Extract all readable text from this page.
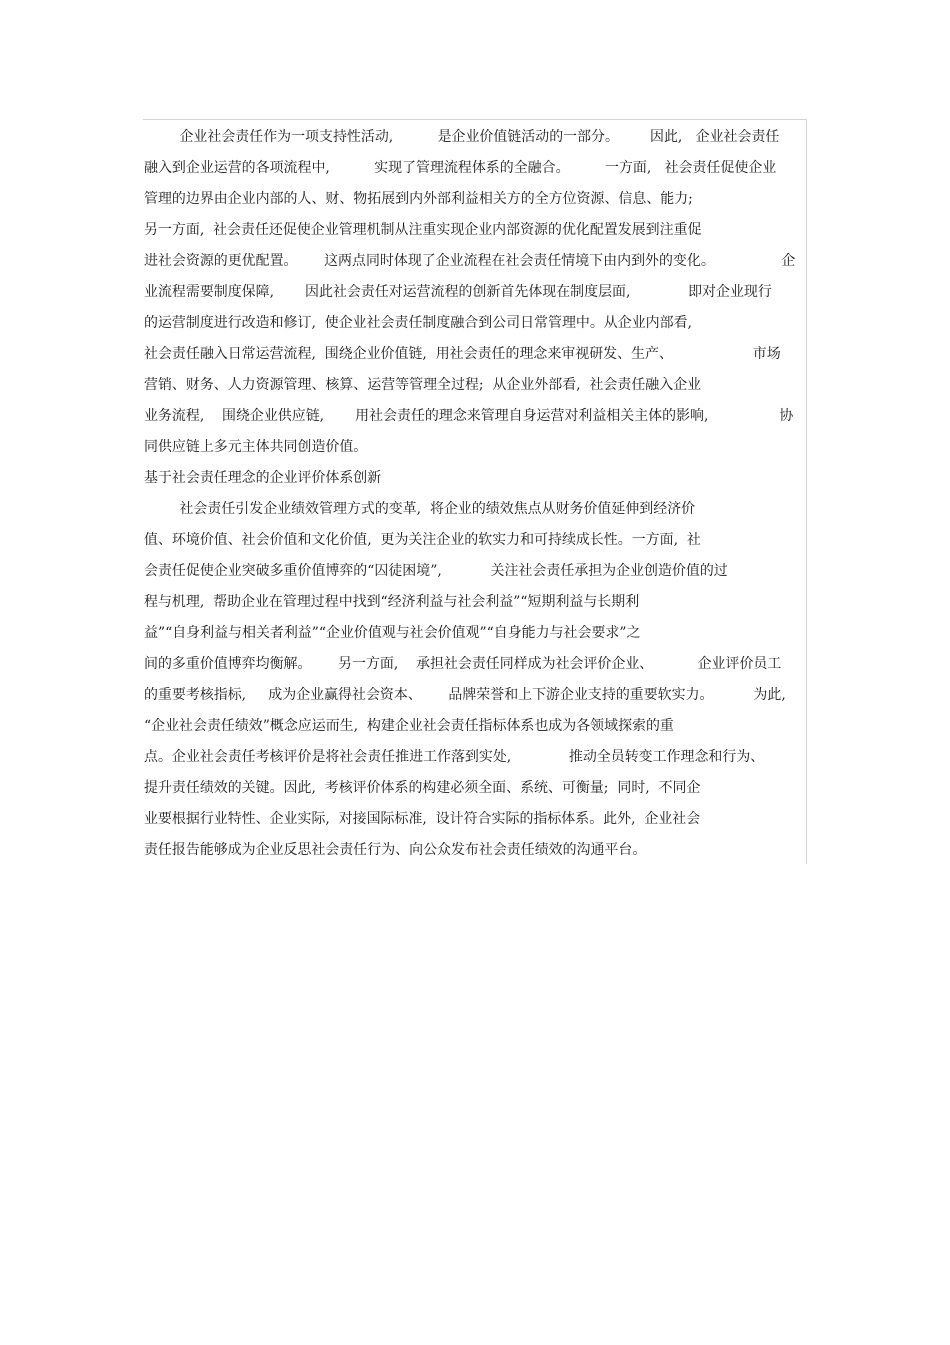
企业社会责任作为一项支持性活动,          是企业价值链活动的一部分。       因此,   企业社会责任
融入到企业运营的各项流程中,          实现了管理流程体系的全融合。        一方面,   社会责任促使企业
管理的边界由企业内部的人、财、物拓展到内外部利益相关方的全方位资源、信息、能力;
另一方面,  社会责任还促使企业管理机制从注重实现企业内部资源的优化配置发展到注重促
进社会资源的更优配置。      这两点同时体现了企业流程在社会责任情境下由内到外的变化。               企
业流程需要制度保障,       因此社会责任对运营流程的创新首先体现在制度层面,             即对企业现行
的运营制度进行改造和修订,  使企业社会责任制度融合到公司日常管理中。从企业内部看,
社会责任融入日常运营流程,  围绕企业价值链,  用社会责任的理念来审视研发、生产、                  市场
营销、财务、人力资源管理、核算、运营等管理全过程;  从企业外部看,  社会责任融入企业
业务流程,    围绕企业供应链,       用社会责任的理念来管理自身运营对利益相关主体的影响,                协
同供应链上多元主体共同创造价值。
基于社会责任理念的企业评价体系创新
社会责任引发企业绩效管理方式的变革,  将企业的绩效焦点从财务价值延伸到经济价
值、环境价值、社会价值和文化价值,  更为关注企业的软实力和可持续成长性。一方面,  社
会责任促使企业突破多重价值博弈的“囚徒困境”,           关注社会责任承担为企业创造价值的过
程与机理,  帮助企业在管理过程中找到“经济利益与社会利益”“短期利益与长期利
益”“自身利益与相关者利益”“企业价值观与社会价值观”“自身能力与社会要求”之
间的多重价值博弈均衡解。      另一方面,    承担社会责任同样成为社会评价企业、          企业评价员工
的重要考核指标,     成为企业赢得社会资本、      品牌荣誉和上下游企业支持的重要软实力。         为此,
“企业社会责任绩效”概念应运而生,  构建企业社会责任指标体系也成为各领域探索的重
点。企业社会责任考核评价是将社会责任推进工作落到实处,             推动全员转变工作理念和行为、
提升责任绩效的关键。因此,  考核评价体系的构建必须全面、系统、可衡量;  同时,  不同企
业要根据行业特性、企业实际,  对接国际标准,  设计符合实际的指标体系。此外,  企业社会
责任报告能够成为企业反思社会责任行为、向公众发布社会责任绩效的沟通平台。
